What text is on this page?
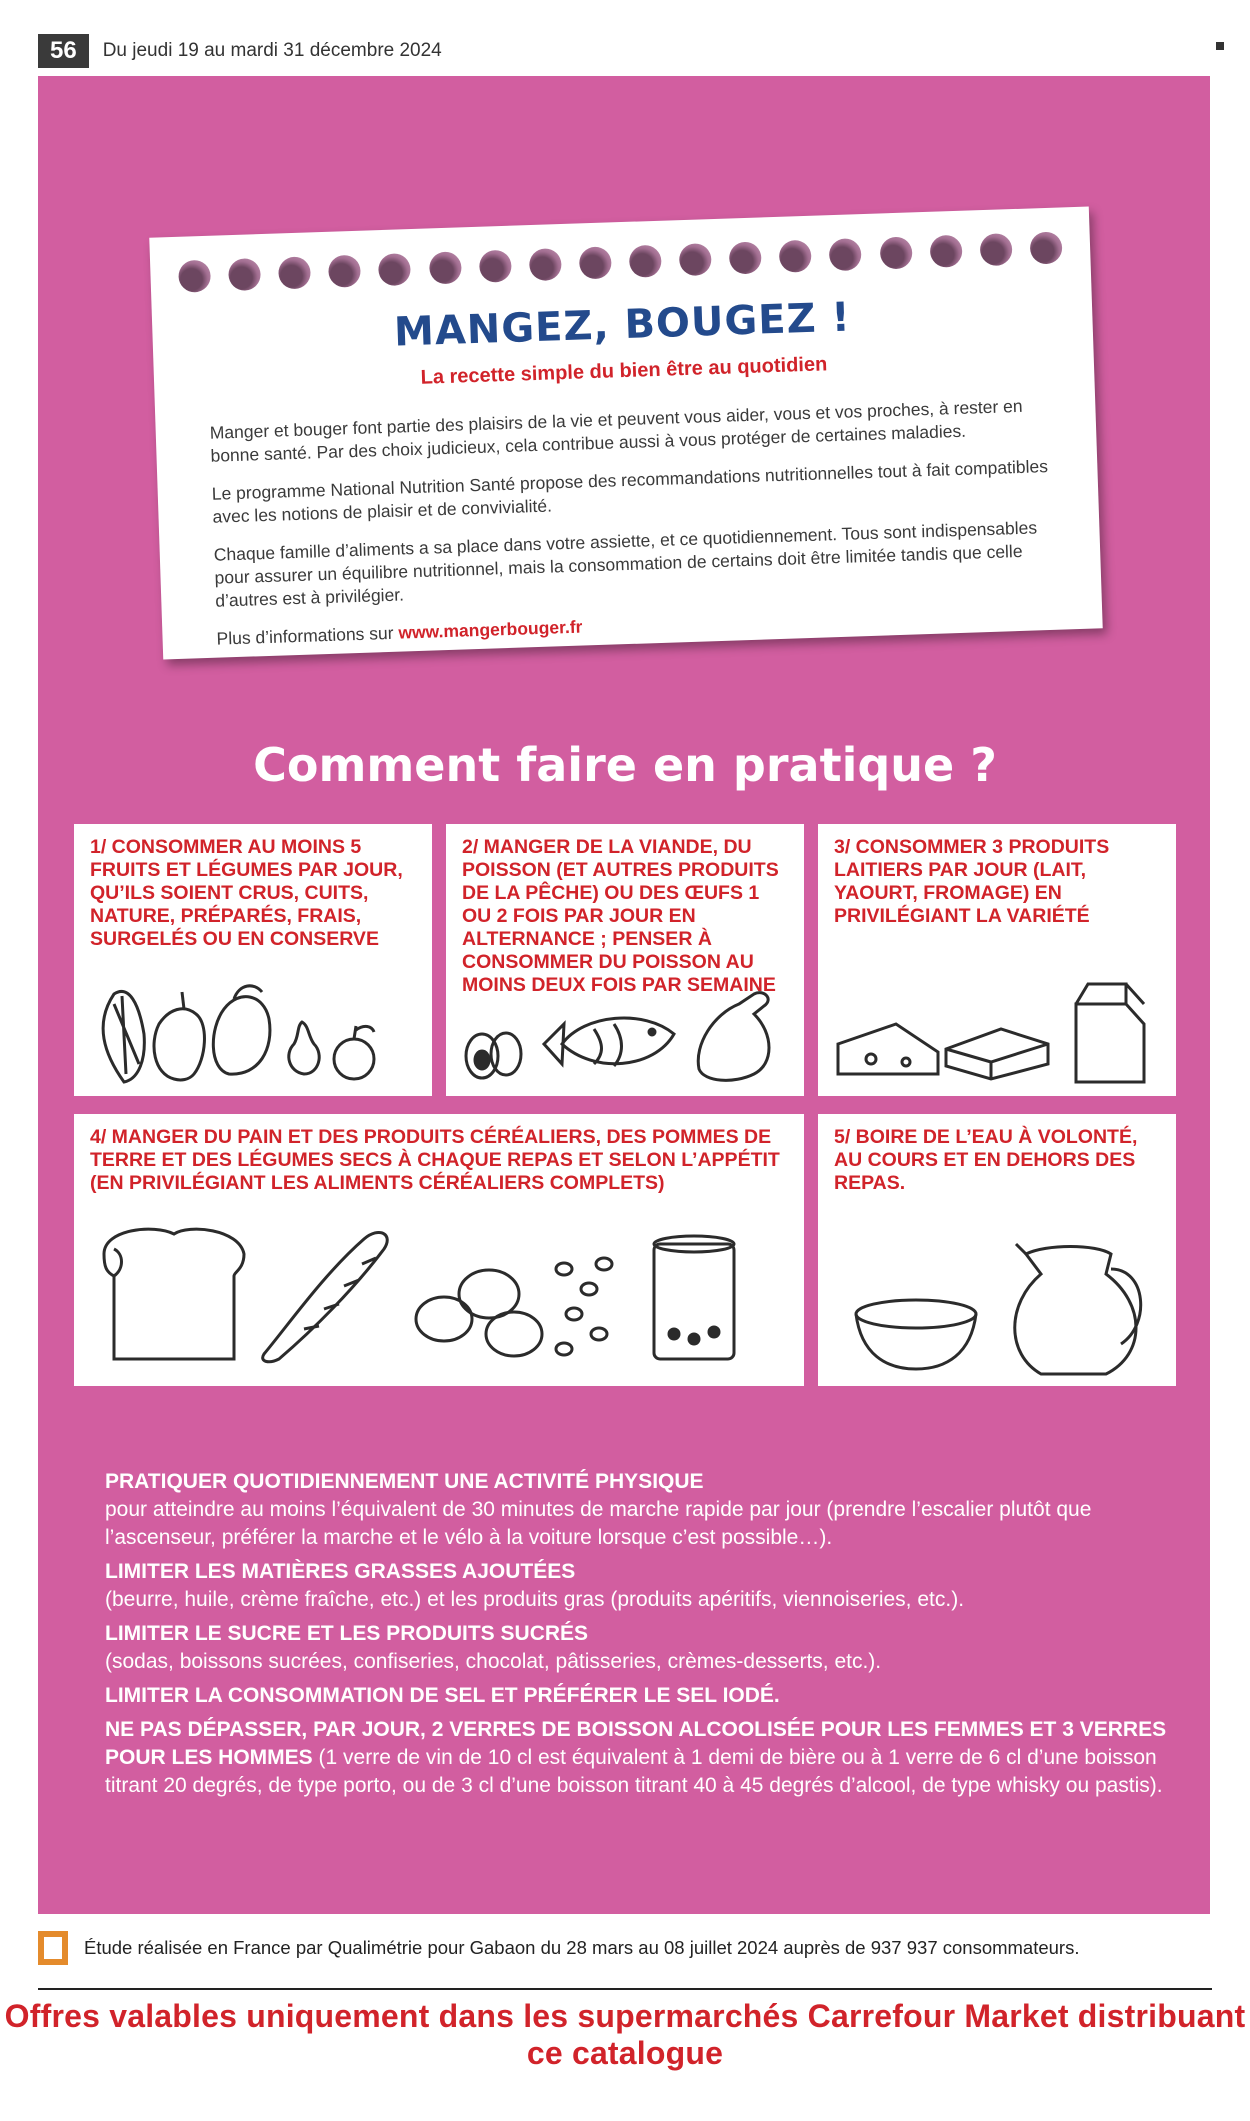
56	Du jeudi 19 au mardi 31 décembre 2024
MANGEZ, BOUGEZ !
La recette simple du bien être au quotidien

Manger et bouger font partie des plaisirs de la vie et peuvent vous aider, vous et vos proches, à rester en bonne santé. Par des choix judicieux, cela contribue aussi à vous protéger de certaines maladies.

Le programme National Nutrition Santé propose des recommandations nutritionnelles tout à fait compatibles avec les notions de plaisir et de convivialité.

Chaque famille d’aliments a sa place dans votre assiette, et ce quotidiennement. Tous sont indispensables pour assurer un équilibre nutritionnel, mais la consommation de certains doit être limitée tandis que celle d’autres est à privilégier.

Plus d’informations sur www.mangerbouger.fr

Comment faire en pratique ?
1/ CONSOMMER AU MOINS 5 FRUITS ET LÉGUMES PAR JOUR, QU’ILS SOIENT CRUS, CUITS, NATURE, PRÉPARÉS, FRAIS, SURGELÉS OU EN CONSERVE
2/ MANGER DE LA VIANDE, DU POISSON (ET AUTRES PRODUITS DE LA PÊCHE) OU DES ŒUFS 1 OU 2 FOIS PAR JOUR EN ALTERNANCE ; PENSER À CONSOMMER DU POISSON AU MOINS DEUX FOIS PAR SEMAINE
3/ CONSOMMER 3 PRODUITS LAITIERS PAR JOUR (LAIT, YAOURT, FROMAGE) EN PRIVILÉGIANT LA VARIÉTÉ
4/ MANGER DU PAIN ET DES PRODUITS CÉRÉALIERS, DES POMMES DE TERRE ET DES LÉGUMES SECS À CHAQUE REPAS ET SELON L’APPÉTIT (EN PRIVILÉGIANT LES ALIMENTS CÉRÉALIERS COMPLETS)
5/ BOIRE DE L’EAU À VOLONTÉ, AU COURS ET EN DEHORS DES REPAS.
PRATIQUER QUOTIDIENNEMENT UNE ACTIVITÉ PHYSIQUE
pour atteindre au moins l’équivalent de 30 minutes de marche rapide par jour (prendre l’escalier plutôt que l’ascenseur, préférer la marche et le vélo à la voiture lorsque c’est possible…).
LIMITER LES MATIÈRES GRASSES AJOUTÉES
(beurre, huile, crème fraîche, etc.) et les produits gras (produits apéritifs, viennoiseries, etc.).
LIMITER LE SUCRE ET LES PRODUITS SUCRÉS
(sodas, boissons sucrées, confiseries, chocolat, pâtisseries, crèmes-desserts, etc.).
LIMITER LA CONSOMMATION DE SEL ET PRÉFÉRER LE SEL IODÉ.
NE PAS DÉPASSER, PAR JOUR, 2 VERRES DE BOISSON ALCOOLISÉE POUR LES FEMMES ET 3 VERRES POUR LES HOMMES (1 verre de vin de 10 cl est équivalent à 1 demi de bière ou à 1 verre de 6 cl d’une boisson titrant 20 degrés, de type porto, ou de 3 cl d’une boisson titrant 40 à 45 degrés d’alcool, de type whisky ou pastis).
Étude réalisée en France par Qualimétrie pour Gabaon du 28 mars au 08 juillet 2024 auprès de 937 937 consommateurs.
Offres valables uniquement dans les supermarchés Carrefour Market distribuant ce catalogue
